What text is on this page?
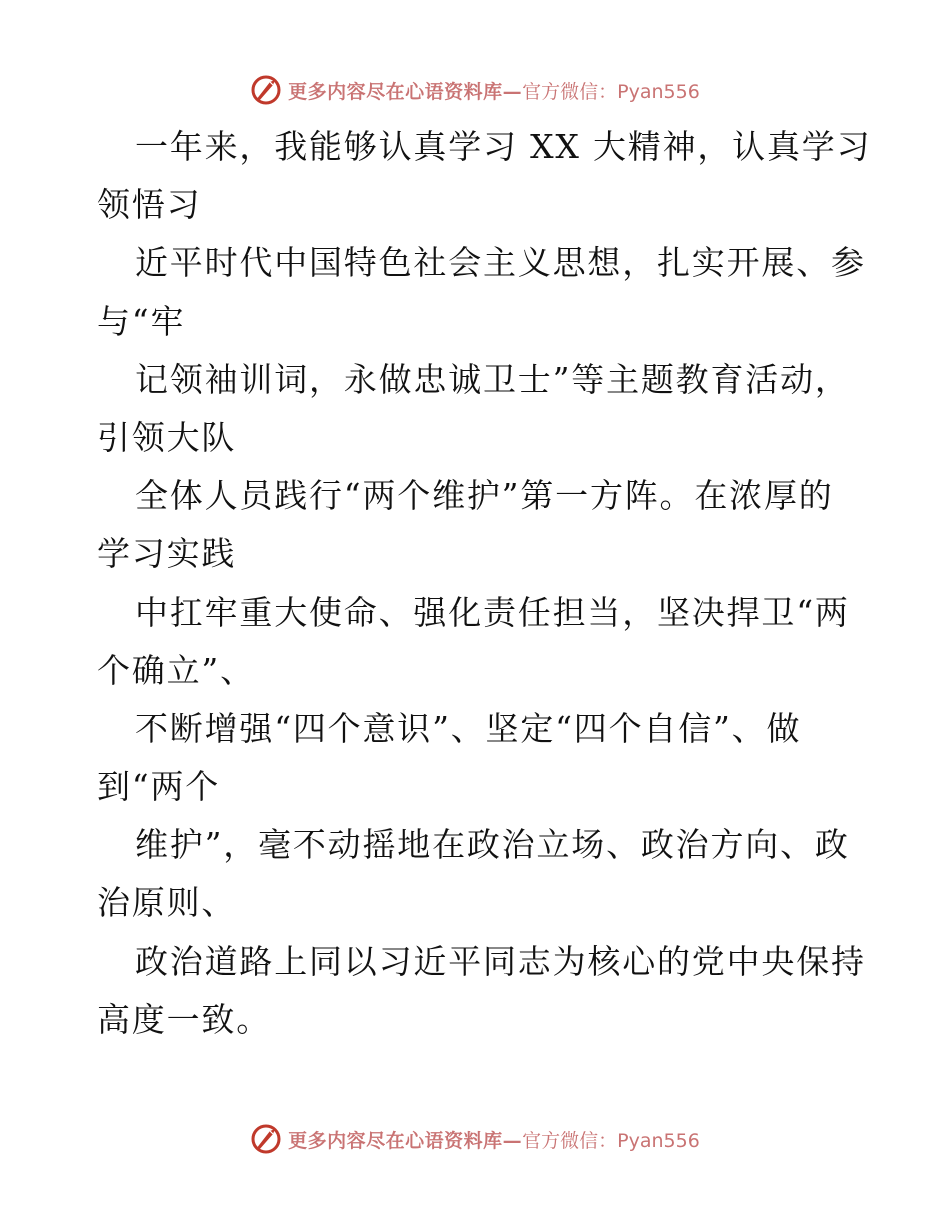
更多内容尽在心语资料库— 官方微信：Pyan556
一年来，我能够认真学习 XX 大精神，认真学习
领悟习
近平时代中国特色社会主义思想，扎实开展、参
与“牢
记领袖训词，永做忠诚卫士”等主题教育活动，
引领大队
全体人员践行“两个维护”第一方阵。在浓厚的
学习实践
中扛牢重大使命、强化责任担当，坚决捍卫“两
个确立”、
不断增强“四个意识”、坚定“四个自信”、做
到“两个
维护”，毫不动摇地在政治立场、政治方向、政
治原则、
政治道路上同以习近平同志为核心的党中央保持
高度一致。
更多内容尽在心语资料库— 官方微信：Pyan556
